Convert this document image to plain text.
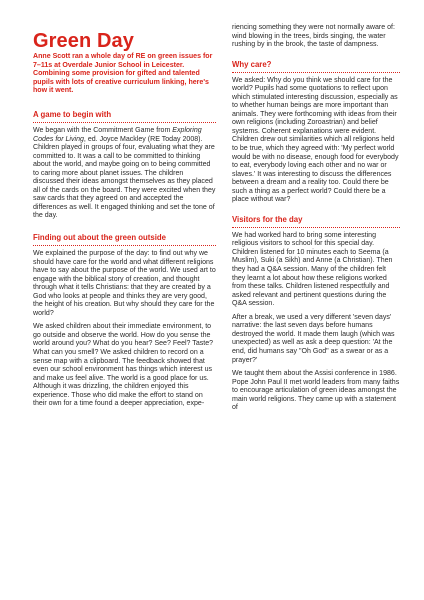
Green Day
Anne Scott ran a whole day of RE on green issues for 7–11s at Overdale Junior School in Leicester. Combining some provision for gifted and talented pupils with lots of creative curriculum linking, here's how it went.
A game to begin with

We began with the Commitment Game from Exploring Codes for Living, ed. Joyce Mackley (RE Today 2008). Children played in groups of four, evaluating what they are committed to. It was a call to be committed to thinking about the world, and maybe going on to being committed to caring more about planet issues. The children discussed their ideas amongst themselves as they placed all of the cards on the board. They were excited when they saw cards that they agreed on and accepted the differences as well. It engaged thinking and set the tone of the day.

Finding out about the green outside

We explained the purpose of the day: to find out why we should have care for the world and what different religions have to say about the purpose of the world. We used art to engage with the biblical story of creation, and thought through what it tells Christians: that they are created by a God who looks at people and thinks they are very good, the height of his creation. But why should they care for the world?

We asked children about their immediate environment, to go outside and observe the world. How do you sense the world around you? What do you hear? See? Feel? Taste? What can you smell? We asked children to record on a sense map with a clipboard. The feedback showed that even our school environment has things which interest us and make us feel alive. The world is a good place for us. Although it was drizzling, the children enjoyed this experience. Those who did make the effort to stand on their own for a time found a deeper appreciation, expe-

riencing something they were not normally aware of: wind blowing in the trees, birds singing, the water rushing by in the brook, the taste of dampness.

Why care?

We asked: Why do you think we should care for the world? Pupils had some quotations to reflect upon which stimulated interesting discussion, especially as to whether human beings are more important than animals. They were forthcoming with ideas from their own religions (including Zoroastrian) and belief systems. Coherent explanations were evident. Children drew out similarities which all religions held to be true, which they agreed with: 'My perfect world would be with no disease, enough food for everybody to eat, everybody loving each other and no war or slaves.' It was interesting to discuss the differences between a dream and a reality too. Could there be such a thing as a perfect world? Could there be a place without war?

Visitors for the day

We had worked hard to bring some interesting religious visitors to school for this special day. Children listened for 10 minutes each to Seema (a Muslim), Suki (a Sikh) and Anne (a Christian). Then they had a Q&A session. Many of the children felt they learnt a lot about how these religions worked from these talks. Children listened respectfully and asked relevant and pertinent questions during the Q&A session.

After a break, we used a very different 'seven days' narrative: the last seven days before humans destroyed the world. It made them laugh (which was unexpected) as well as ask a deep question: 'At the end, did humans say "Oh God" as a swear or as a prayer?'

We taught them about the Assisi conference in 1986. Pope John Paul II met world leaders from many faiths to encourage articulation of green ideas amongst the main world religions. They came up with a statement of
